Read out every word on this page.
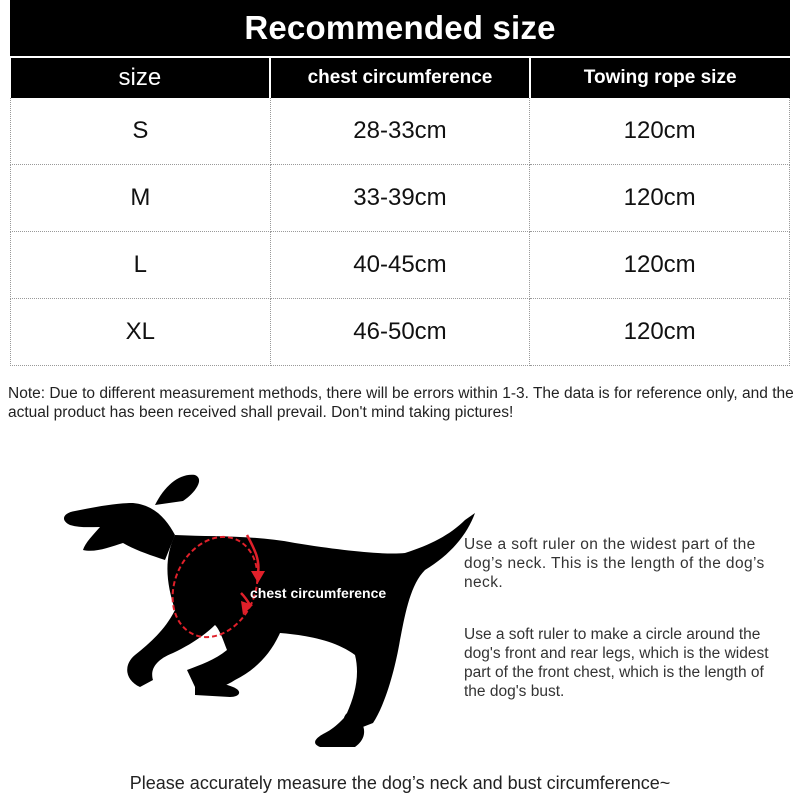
Recommended size
size	chest circumference	Towing rope size
S	28-33cm	120cm
M	33-39cm	120cm
L	40-45cm	120cm
XL	46-50cm	120cm
Note: Due to different measurement methods, there will be errors within 1-3. The data is for reference only, and the actual product has been received shall prevail. Don't mind taking pictures!
chest circumference
Use a soft ruler on the widest part of the dog’s neck. This is the length of the dog’s neck.
Use a soft ruler to make a circle around the dog's front and rear legs, which is the widest part of the front chest, which is the length of the dog's bust.
Please accurately measure the dog’s neck and bust circumference~
